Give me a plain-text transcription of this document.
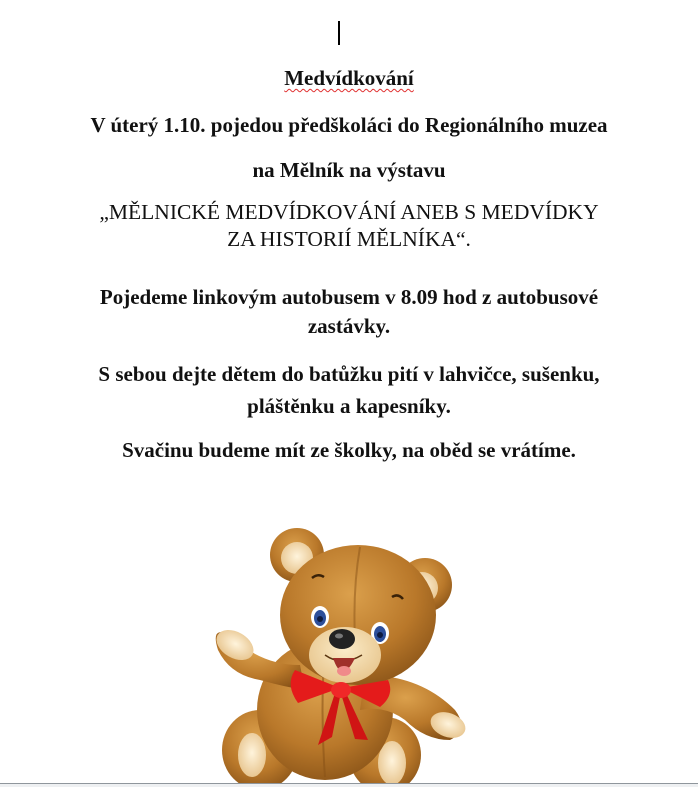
Medvídkování
V úterý 1.10. pojedou předškoláci do Regionálního muzea
na Mělník na výstavu
„MĚLNICKÉ MEDVÍDKOVÁNÍ ANEB S MEDVÍDKY
ZA HISTORIÍ MĚLNÍKA“.
Pojedeme linkovým autobusem v 8.09 hod z autobusové
zastávky.
S sebou dejte dětem do batůžku pití v lahvičce, sušenku,
pláštěnku a kapesníky.
Svačinu budeme mít ze školky, na oběd se vrátíme.
